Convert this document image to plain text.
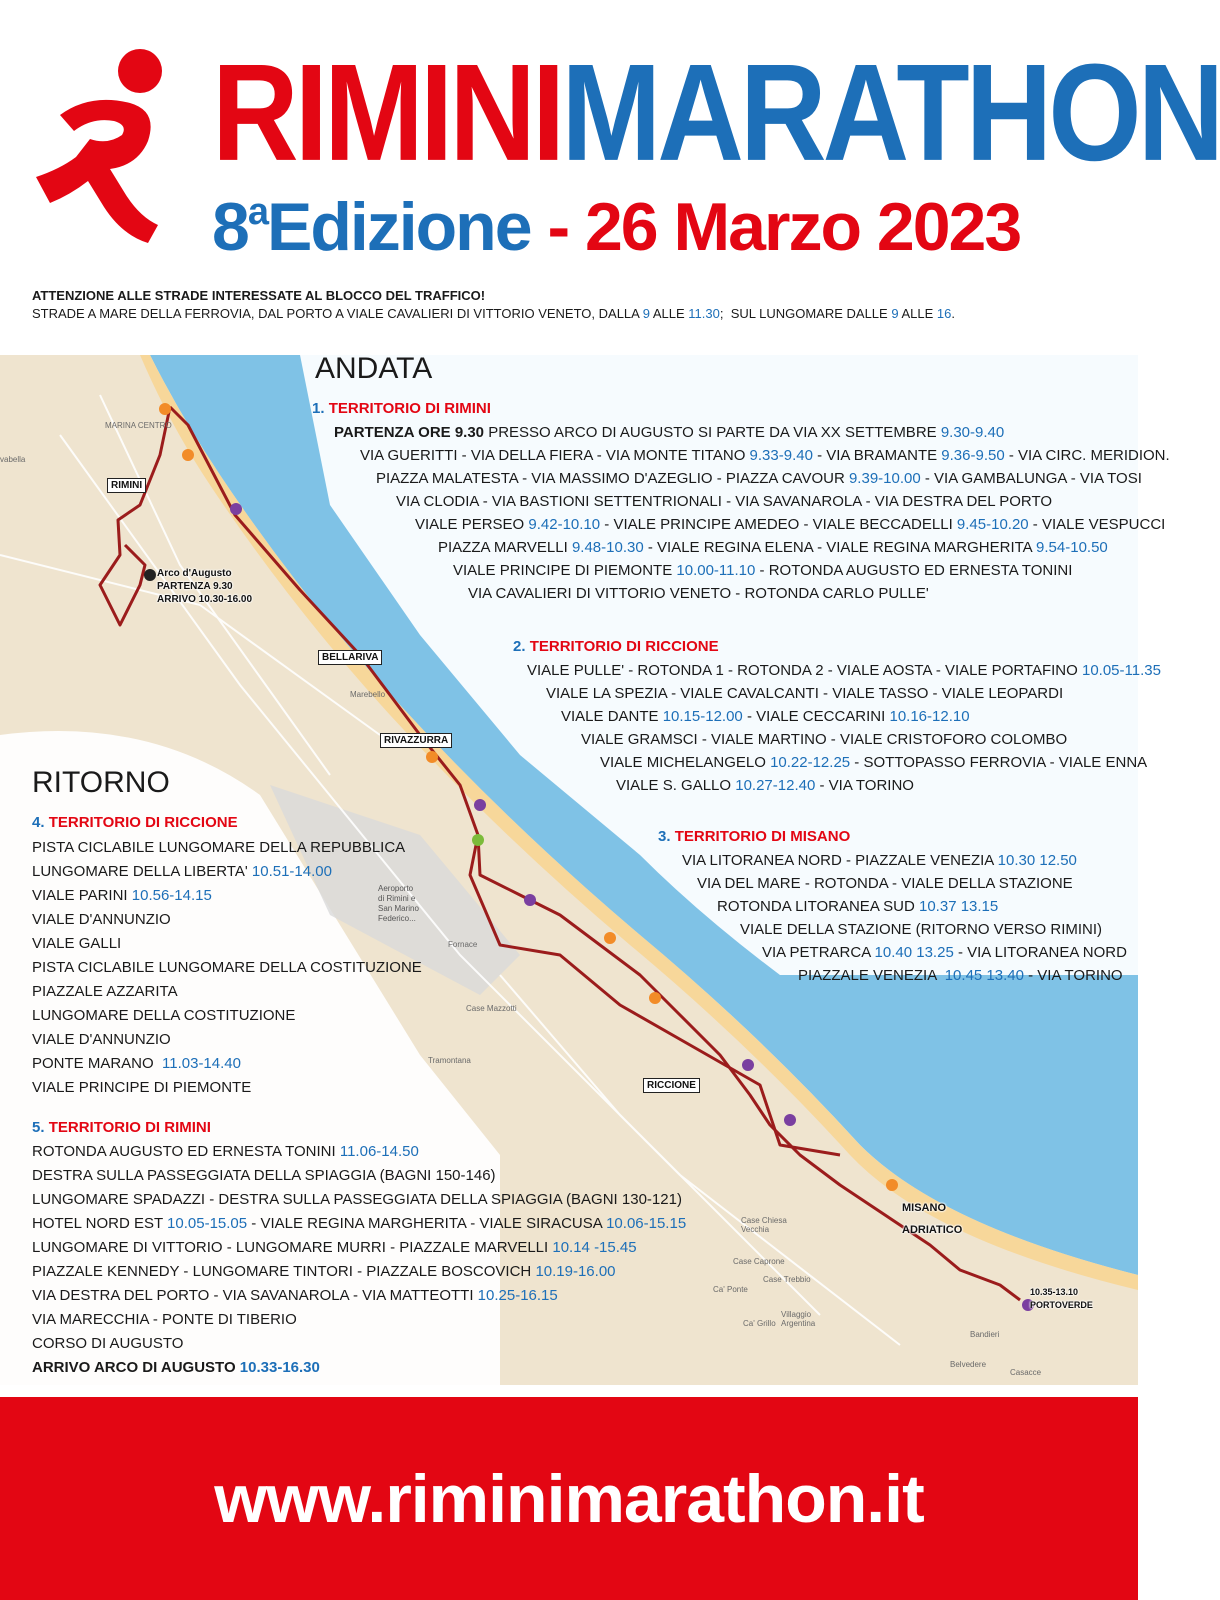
RIMINIMARATHON
8$^a$Edizione - 26 Marzo 2023
ATTENZIONE ALLE STRADE INTERESSATE AL BLOCCO DEL TRAFFICO!
STRADE A MARE DELLA FERROVIA, DAL PORTO A VIALE CAVALIERI DI VITTORIO VENETO, DALLA 9 ALLE 11.30;  SUL LUNGOMARE DALLE 9 ALLE 16.
MARINA CENTRO
RIMINI
vabella
Arco d'Augusto
PARTENZA 9.30
ARRIVO 10.30-16.00
BELLARIVA
Marebello
RIVAZZURRA
Aeroporto
di Rimini e
San Marino
Federico...
Fornace
Case Mazzotti
Tramontana
RICCIONE
MISANO
ADRIATICO
Case Chiesa
Vecchia
Case Caprone
Case Trebbio
Ca' Ponte
Villaggio
Argentina
Ca' Grillo
Bandieri
Belvedere
Casacce
10.35-13.10
PORTOVERDE
ANDATA
1. TERRITORIO DI RIMINI
PARTENZA ORE 9.30 PRESSO ARCO DI AUGUSTO SI PARTE DA VIA XX SETTEMBRE 9.30-9.40
VIA GUERITTI - VIA DELLA FIERA - VIA MONTE TITANO 9.33-9.40 - VIA BRAMANTE 9.36-9.50 - VIA CIRC. MERIDION.
PIAZZA MALATESTA - VIA MASSIMO D'AZEGLIO - PIAZZA CAVOUR 9.39-10.00 - VIA GAMBALUNGA - VIA TOSI
VIA CLODIA - VIA BASTIONI SETTENTRIONALI - VIA SAVANAROLA - VIA DESTRA DEL PORTO
VIALE PERSEO 9.42-10.10 - VIALE PRINCIPE AMEDEO - VIALE BECCADELLI 9.45-10.20 - VIALE VESPUCCI
PIAZZA MARVELLI 9.48-10.30 - VIALE REGINA ELENA - VIALE REGINA MARGHERITA 9.54-10.50
VIALE PRINCIPE DI PIEMONTE 10.00-11.10 - ROTONDA AUGUSTO ED ERNESTA TONINI
VIA CAVALIERI DI VITTORIO VENETO - ROTONDA CARLO PULLE'
2. TERRITORIO DI RICCIONE
VIALE PULLE' - ROTONDA 1 - ROTONDA 2 - VIALE AOSTA - VIALE PORTAFINO 10.05-11.35
VIALE LA SPEZIA - VIALE CAVALCANTI - VIALE TASSO - VIALE LEOPARDI
VIALE DANTE 10.15-12.00 - VIALE CECCARINI 10.16-12.10
VIALE GRAMSCI - VIALE MARTINO - VIALE CRISTOFORO COLOMBO
VIALE MICHELANGELO 10.22-12.25 - SOTTOPASSO FERROVIA - VIALE ENNA
VIALE S. GALLO 10.27-12.40 - VIA TORINO
3. TERRITORIO DI MISANO
VIA LITORANEA NORD - PIAZZALE VENEZIA 10.30 12.50
VIA DEL MARE - ROTONDA - VIALE DELLA STAZIONE
ROTONDA LITORANEA SUD 10.37 13.15
VIALE DELLA STAZIONE (RITORNO VERSO RIMINI)
VIA PETRARCA 10.40 13.25 - VIA LITORANEA NORD
PIAZZALE VENEZIA  10.45 13.40 - VIA TORINO
RITORNO
4. TERRITORIO DI RICCIONE
PISTA CICLABILE LUNGOMARE DELLA REPUBBLICA
LUNGOMARE DELLA LIBERTA' 10.51-14.00
VIALE PARINI 10.56-14.15
VIALE D'ANNUNZIO
VIALE GALLI
PISTA CICLABILE LUNGOMARE DELLA COSTITUZIONE
PIAZZALE AZZARITA
LUNGOMARE DELLA COSTITUZIONE
VIALE D'ANNUNZIO
PONTE MARANO  11.03-14.40
VIALE PRINCIPE DI PIEMONTE
5. TERRITORIO DI RIMINI
ROTONDA AUGUSTO ED ERNESTA TONINI 11.06-14.50
DESTRA SULLA PASSEGGIATA DELLA SPIAGGIA (BAGNI 150-146)
LUNGOMARE SPADAZZI - DESTRA SULLA PASSEGGIATA DELLA SPIAGGIA (BAGNI 130-121)
HOTEL NORD EST 10.05-15.05 - VIALE REGINA MARGHERITA - VIALE SIRACUSA 10.06-15.15
LUNGOMARE DI VITTORIO - LUNGOMARE MURRI - PIAZZALE MARVELLI 10.14 -15.45
PIAZZALE KENNEDY - LUNGOMARE TINTORI - PIAZZALE BOSCOVICH 10.19-16.00
VIA DESTRA DEL PORTO - VIA SAVANAROLA - VIA MATTEOTTI 10.25-16.15
VIA MARECCHIA - PONTE DI TIBERIO
CORSO DI AUGUSTO
ARRIVO ARCO DI AUGUSTO 10.33-16.30
www.riminimarathon.it
